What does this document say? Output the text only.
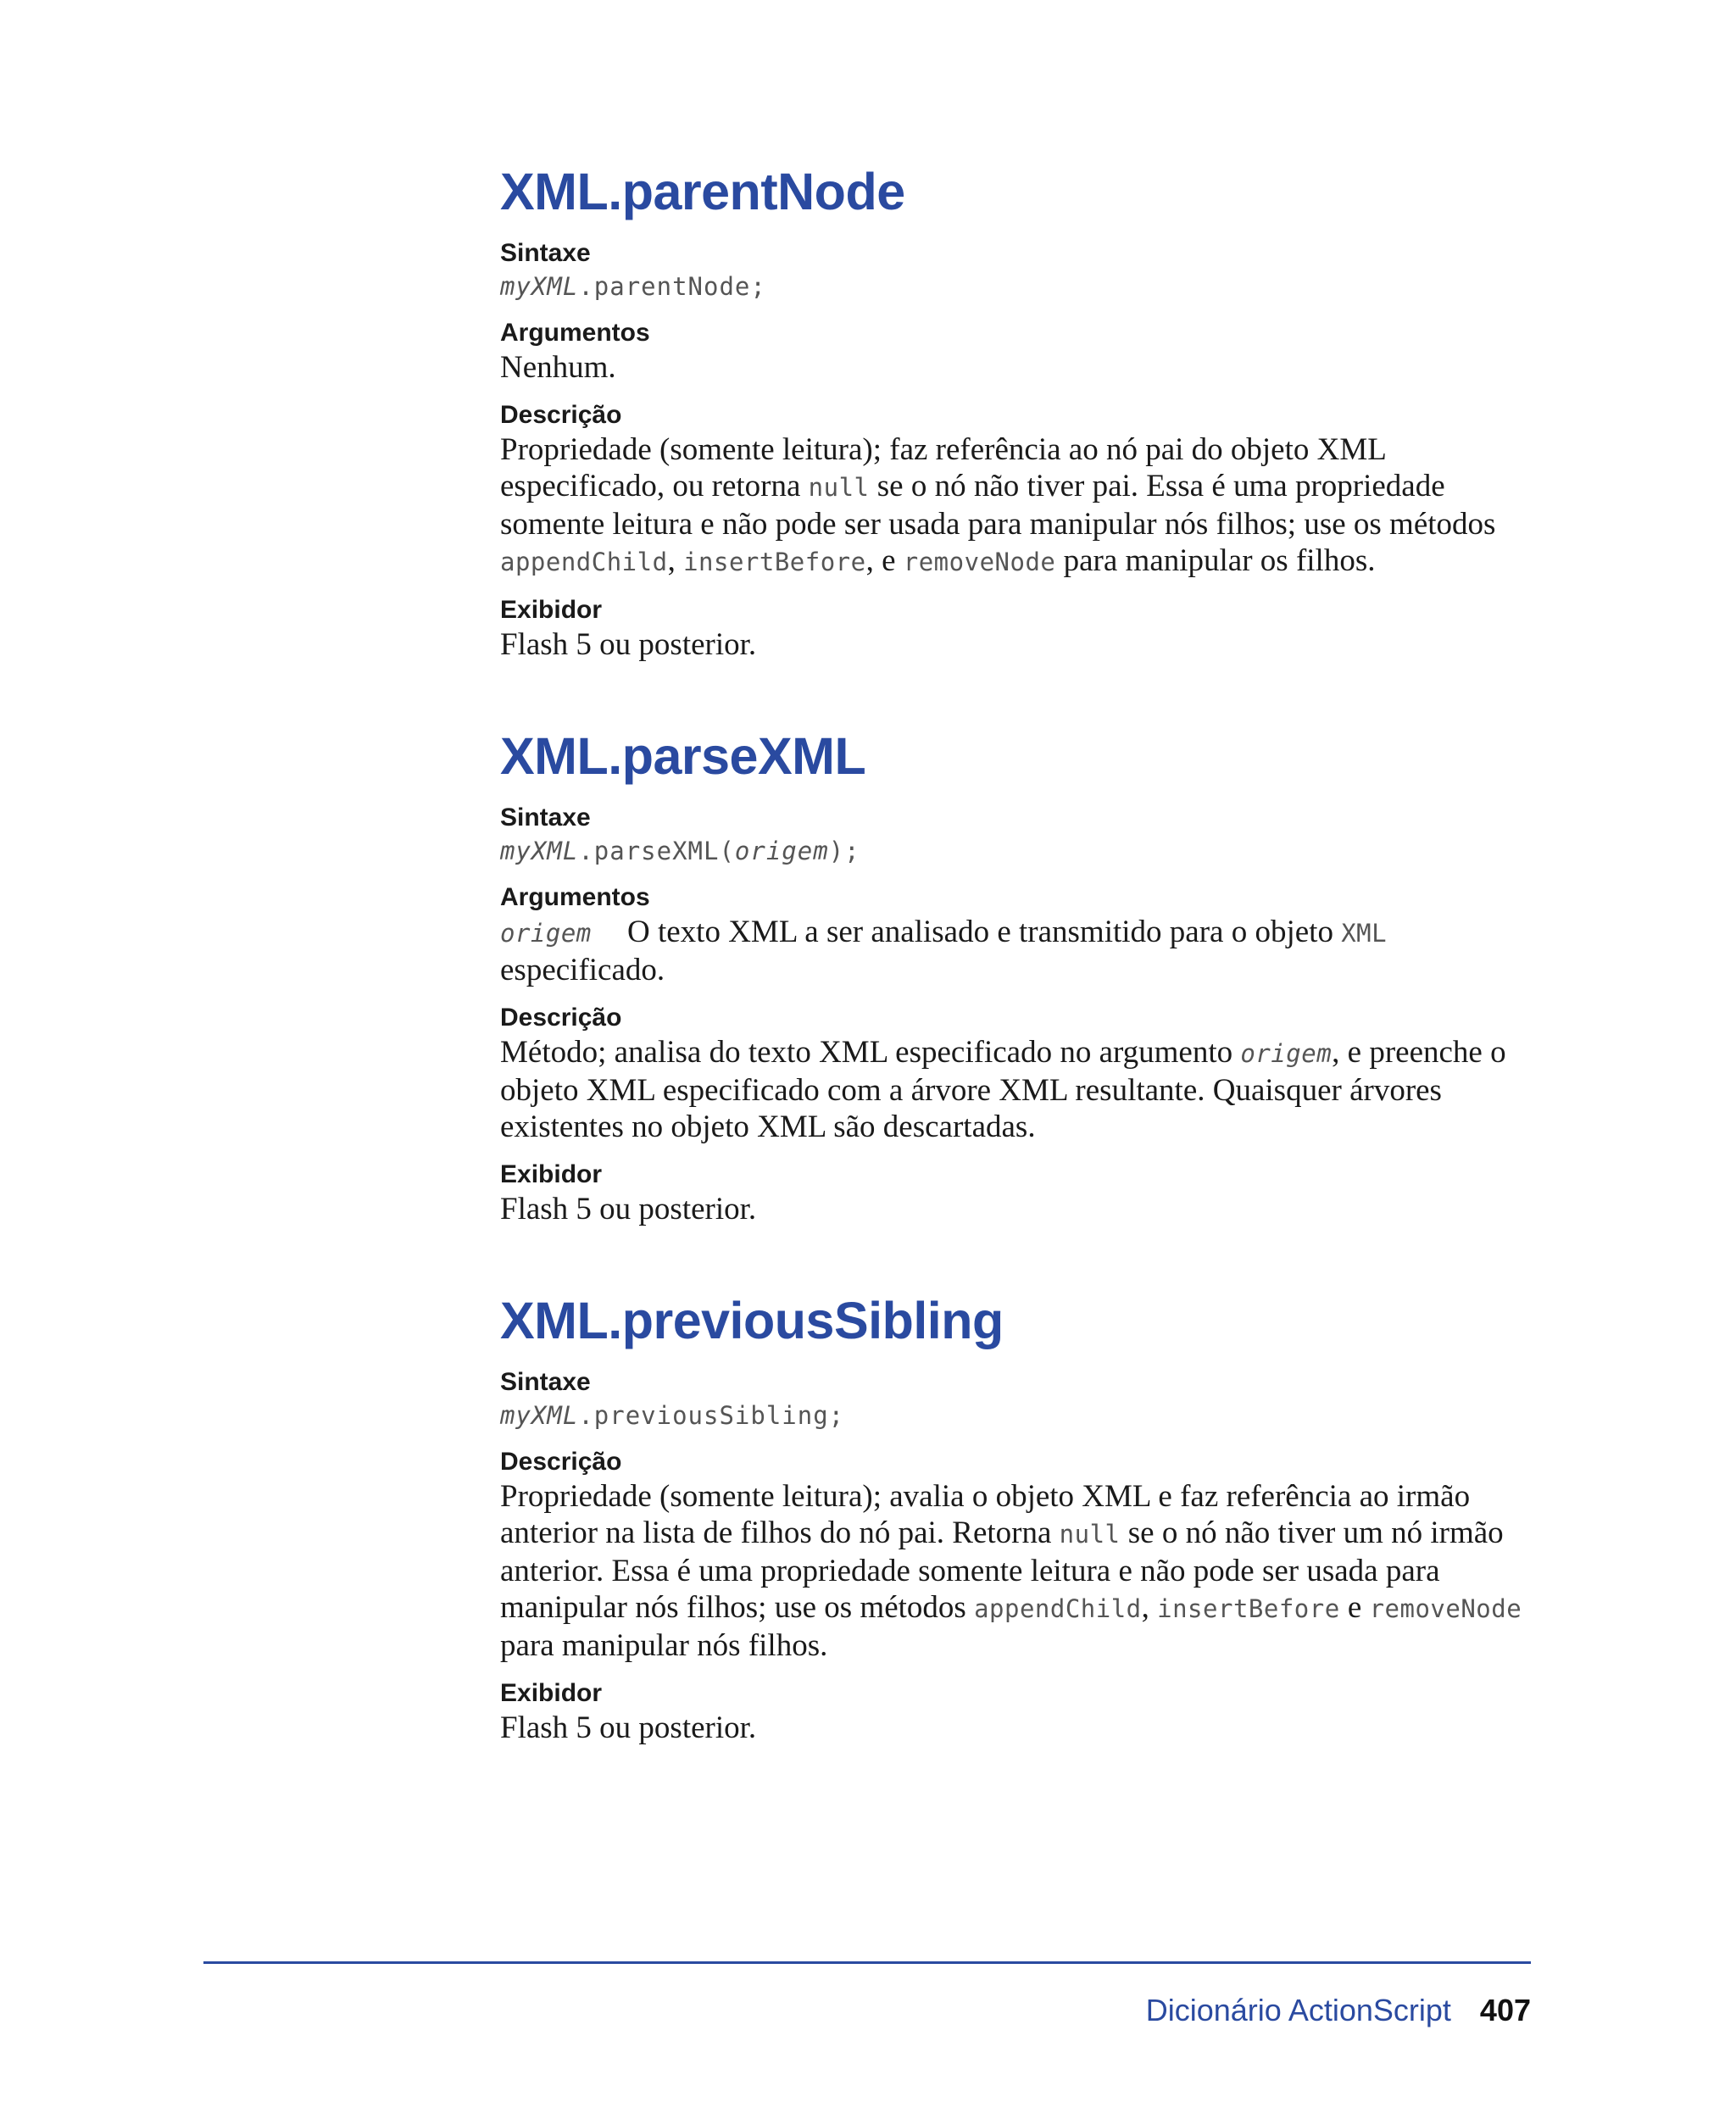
XML.parentNode

Sintaxe

myXML.parentNode;

Argumentos

Nenhum.

Descrição

Propriedade (somente leitura); faz referência ao nó pai do objeto XML especificado, ou retorna null se o nó não tiver pai. Essa é uma propriedade somente leitura e não pode ser usada para manipular nós filhos; use os métodos appendChild, insertBefore, e removeNode para manipular os filhos.

Exibidor

Flash 5 ou posterior.

XML.parseXML

Sintaxe

myXML.parseXML(origem);

Argumentos

origem O texto XML a ser analisado e transmitido para o objeto XML especificado.

Descrição

Método; analisa do texto XML especificado no argumento origem, e preenche o objeto XML especificado com a árvore XML resultante. Quaisquer árvores existentes no objeto XML são descartadas.

Exibidor

Flash 5 ou posterior.

XML.previousSibling

Sintaxe

myXML.previousSibling;

Descrição

Propriedade (somente leitura); avalia o objeto XML e faz referência ao irmão anterior na lista de filhos do nó pai. Retorna null se o nó não tiver um nó irmão anterior. Essa é uma propriedade somente leitura e não pode ser usada para manipular nós filhos; use os métodos appendChild, insertBefore e removeNode para manipular nós filhos.

Exibidor

Flash 5 ou posterior.

Dicionário ActionScript 407
